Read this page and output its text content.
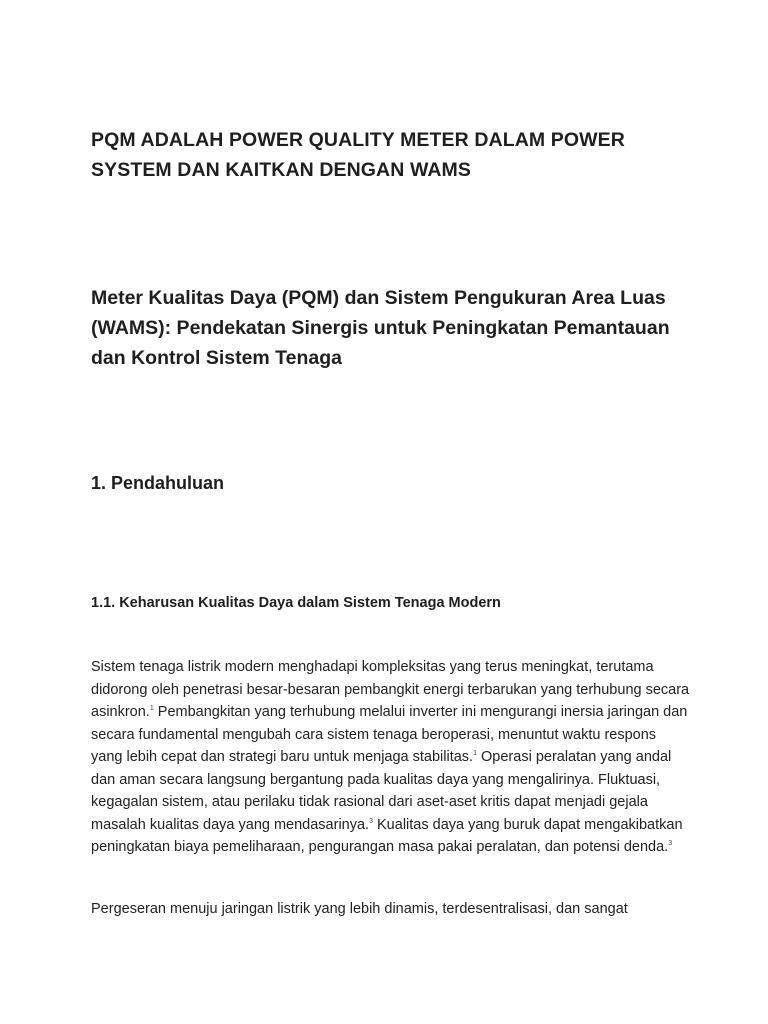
PQM ADALAH POWER QUALITY METER DALAM POWER SYSTEM DAN KAITKAN DENGAN WAMS
Meter Kualitas Daya (PQM) dan Sistem Pengukuran Area Luas (WAMS): Pendekatan Sinergis untuk Peningkatan Pemantauan dan Kontrol Sistem Tenaga
1. Pendahuluan
1.1. Keharusan Kualitas Daya dalam Sistem Tenaga Modern

Sistem tenaga listrik modern menghadapi kompleksitas yang terus meningkat, terutama didorong oleh penetrasi besar-besaran pembangkit energi terbarukan yang terhubung secara asinkron.$^1$ Pembangkitan yang terhubung melalui inverter ini mengurangi inersia jaringan dan secara fundamental mengubah cara sistem tenaga beroperasi, menuntut waktu respons yang lebih cepat dan strategi baru untuk menjaga stabilitas.$^1$ Operasi peralatan yang andal dan aman secara langsung bergantung pada kualitas daya yang mengalirinya. Fluktuasi, kegagalan sistem, atau perilaku tidak rasional dari aset-aset kritis dapat menjadi gejala masalah kualitas daya yang mendasarinya.$^3$ Kualitas daya yang buruk dapat mengakibatkan peningkatan biaya pemeliharaan, pengurangan masa pakai peralatan, dan potensi denda.$^3$

Pergeseran menuju jaringan listrik yang lebih dinamis, terdesentralisasi, dan sangat
